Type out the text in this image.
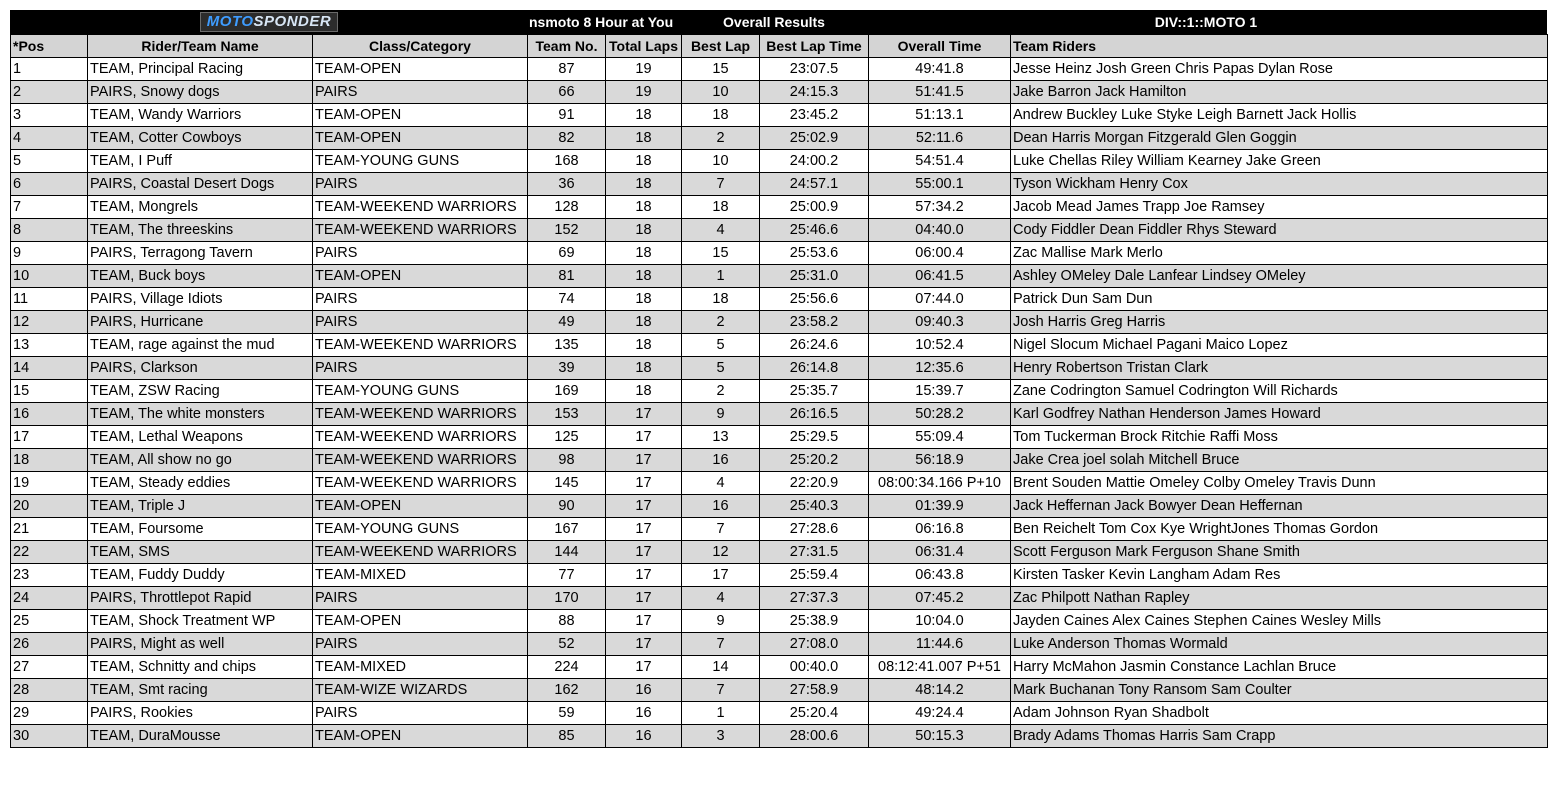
MOTOSPONDER	nsmoto 8 Hour at You	Overall Results	DIV::1::MOTO 1
*Pos	Rider/Team Name	Class/Category	Team No.	Total Laps	Best Lap	Best Lap Time	Overall Time	Team Riders
1	TEAM, Principal Racing	TEAM-OPEN	87	19	15	23:07.5	49:41.8	Jesse Heinz Josh Green Chris Papas Dylan Rose
2	PAIRS, Snowy dogs	PAIRS	66	19	10	24:15.3	51:41.5	Jake Barron Jack Hamilton
3	TEAM, Wandy Warriors	TEAM-OPEN	91	18	18	23:45.2	51:13.1	Andrew Buckley Luke Styke Leigh Barnett Jack Hollis
4	TEAM, Cotter Cowboys	TEAM-OPEN	82	18	2	25:02.9	52:11.6	Dean Harris Morgan Fitzgerald Glen Goggin
5	TEAM, I Puff	TEAM-YOUNG GUNS	168	18	10	24:00.2	54:51.4	Luke Chellas Riley William Kearney Jake Green
6	PAIRS, Coastal Desert Dogs	PAIRS	36	18	7	24:57.1	55:00.1	Tyson Wickham Henry Cox
7	TEAM, Mongrels	TEAM-WEEKEND WARRIORS	128	18	18	25:00.9	57:34.2	Jacob Mead James Trapp Joe Ramsey
8	TEAM, The threeskins	TEAM-WEEKEND WARRIORS	152	18	4	25:46.6	04:40.0	Cody Fiddler Dean Fiddler Rhys Steward
9	PAIRS, Terragong Tavern	PAIRS	69	18	15	25:53.6	06:00.4	Zac Mallise Mark Merlo
10	TEAM, Buck boys	TEAM-OPEN	81	18	1	25:31.0	06:41.5	Ashley OMeley Dale Lanfear Lindsey OMeley
11	PAIRS, Village Idiots	PAIRS	74	18	18	25:56.6	07:44.0	Patrick Dun Sam Dun
12	PAIRS, Hurricane	PAIRS	49	18	2	23:58.2	09:40.3	Josh Harris Greg Harris
13	TEAM, rage against the mud	TEAM-WEEKEND WARRIORS	135	18	5	26:24.6	10:52.4	Nigel Slocum Michael Pagani Maico Lopez
14	PAIRS, Clarkson	PAIRS	39	18	5	26:14.8	12:35.6	Henry Robertson Tristan Clark
15	TEAM, ZSW Racing	TEAM-YOUNG GUNS	169	18	2	25:35.7	15:39.7	Zane Codrington Samuel Codrington Will Richards
16	TEAM, The white monsters	TEAM-WEEKEND WARRIORS	153	17	9	26:16.5	50:28.2	Karl Godfrey Nathan Henderson James Howard
17	TEAM, Lethal Weapons	TEAM-WEEKEND WARRIORS	125	17	13	25:29.5	55:09.4	Tom Tuckerman Brock Ritchie Raffi Moss
18	TEAM, All show no go	TEAM-WEEKEND WARRIORS	98	17	16	25:20.2	56:18.9	Jake Crea joel solah Mitchell Bruce
19	TEAM, Steady eddies	TEAM-WEEKEND WARRIORS	145	17	4	22:20.9	08:00:34.166 P+10	Brent Souden Mattie Omeley Colby Omeley Travis Dunn
20	TEAM, Triple J	TEAM-OPEN	90	17	16	25:40.3	01:39.9	Jack Heffernan Jack Bowyer Dean Heffernan
21	TEAM, Foursome	TEAM-YOUNG GUNS	167	17	7	27:28.6	06:16.8	Ben Reichelt Tom Cox Kye WrightJones Thomas Gordon
22	TEAM, SMS	TEAM-WEEKEND WARRIORS	144	17	12	27:31.5	06:31.4	Scott Ferguson Mark Ferguson Shane Smith
23	TEAM, Fuddy Duddy	TEAM-MIXED	77	17	17	25:59.4	06:43.8	Kirsten Tasker Kevin Langham Adam Res
24	PAIRS, Throttlepot Rapid	PAIRS	170	17	4	27:37.3	07:45.2	Zac Philpott Nathan Rapley
25	TEAM, Shock Treatment WP	TEAM-OPEN	88	17	9	25:38.9	10:04.0	Jayden Caines Alex Caines Stephen Caines Wesley Mills
26	PAIRS, Might as well	PAIRS	52	17	7	27:08.0	11:44.6	Luke Anderson Thomas Wormald
27	TEAM, Schnitty and chips	TEAM-MIXED	224	17	14	00:40.0	08:12:41.007 P+51	Harry McMahon Jasmin Constance Lachlan Bruce
28	TEAM, Smt racing	TEAM-WIZE WIZARDS	162	16	7	27:58.9	48:14.2	Mark Buchanan Tony Ransom Sam Coulter
29	PAIRS, Rookies	PAIRS	59	16	1	25:20.4	49:24.4	Adam Johnson Ryan Shadbolt
30	TEAM, DuraMousse	TEAM-OPEN	85	16	3	28:00.6	50:15.3	Brady Adams Thomas Harris Sam Crapp
